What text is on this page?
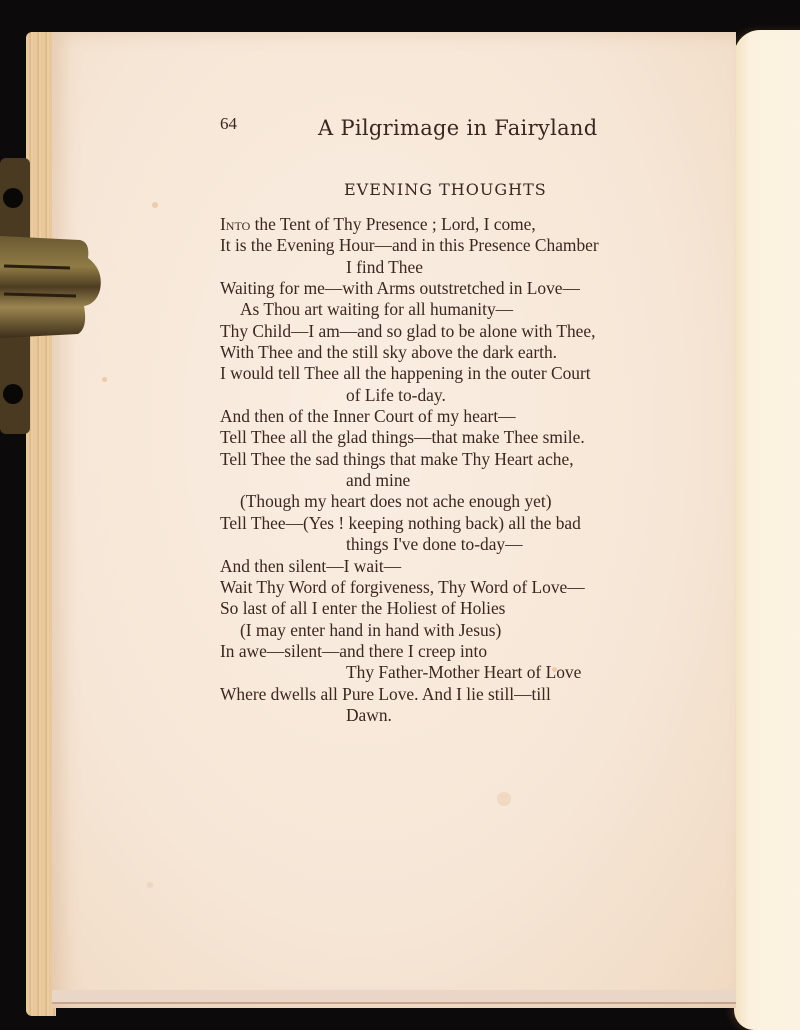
64	A Pilgrimage in Fairyland
EVENING THOUGHTS
Into the Tent of Thy Presence ; Lord, I come,
It is the Evening Hour—and in this Presence Chamber
I find Thee
Waiting for me—with Arms outstretched in Love—
As Thou art waiting for all humanity—
Thy Child—I am—and so glad to be alone with Thee,
With Thee and the still sky above the dark earth.
I would tell Thee all the happening in the outer Court
of Life to-day.
And then of the Inner Court of my heart—
Tell Thee all the glad things—that make Thee smile.
Tell Thee the sad things that make Thy Heart ache,
and mine
(Though my heart does not ache enough yet)
Tell Thee—(Yes ! keeping nothing back) all the bad
things I've done to-day—
And then silent—I wait—
Wait Thy Word of forgiveness, Thy Word of Love—
So last of all I enter the Holiest of Holies
(I may enter hand in hand with Jesus)
In awe—silent—and there I creep into
Thy Father-Mother Heart of Love
Where dwells all Pure Love. And I lie still—till
Dawn.
